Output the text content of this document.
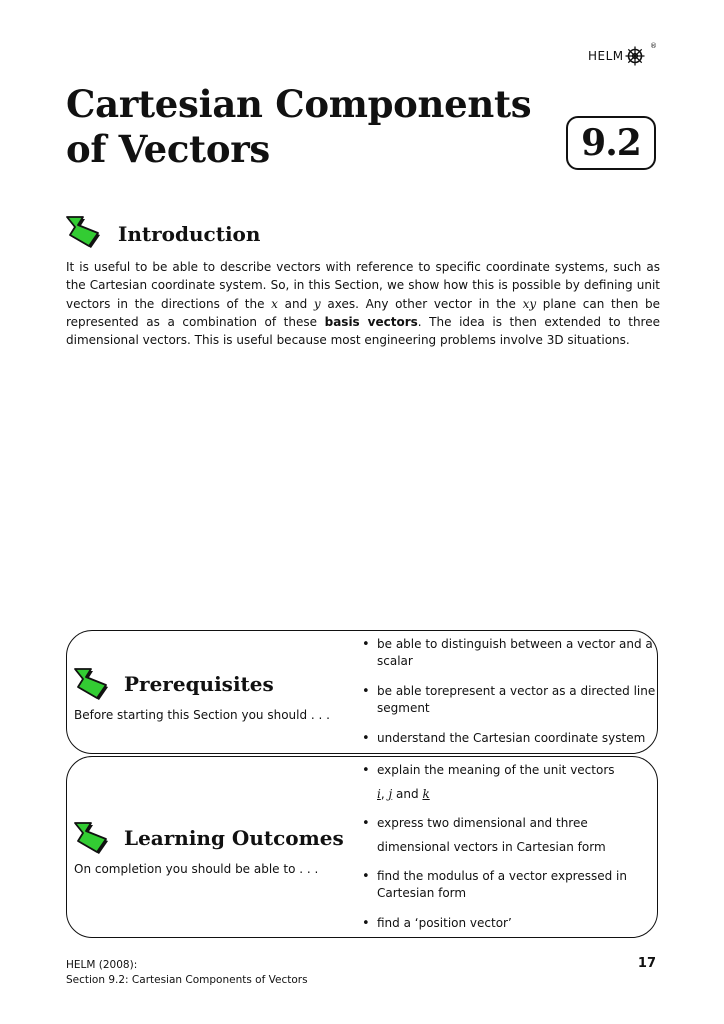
HELM
®
Cartesian Components
of Vectors	9.2
Introduction

It is useful to be able to describe vectors with reference to specific coordinate systems, such as the Cartesian coordinate system. So, in this Section, we show how this is possible by defining unit vectors in the directions of the x and y axes. Any other vector in the xy plane can then be represented as a combination of these basis vectors. The idea is then extended to three dimensional vectors. This is useful because most engineering problems involve 3D situations.

Prerequisites
Before starting this Section you should . . .
• be able to distinguish between a vector and a scalar
• be able torepresent a vector as a directed line segment
• understand the Cartesian coordinate system
Learning Outcomes
On completion you should be able to . . .
• explain the meaning of the unit vectors
i, j and k
• express two dimensional and three
dimensional vectors in Cartesian form
• find the modulus of a vector expressed in Cartesian form
• find a ‘position vector’
HELM (2008):
Section 9.2: Cartesian Components of Vectors
17
